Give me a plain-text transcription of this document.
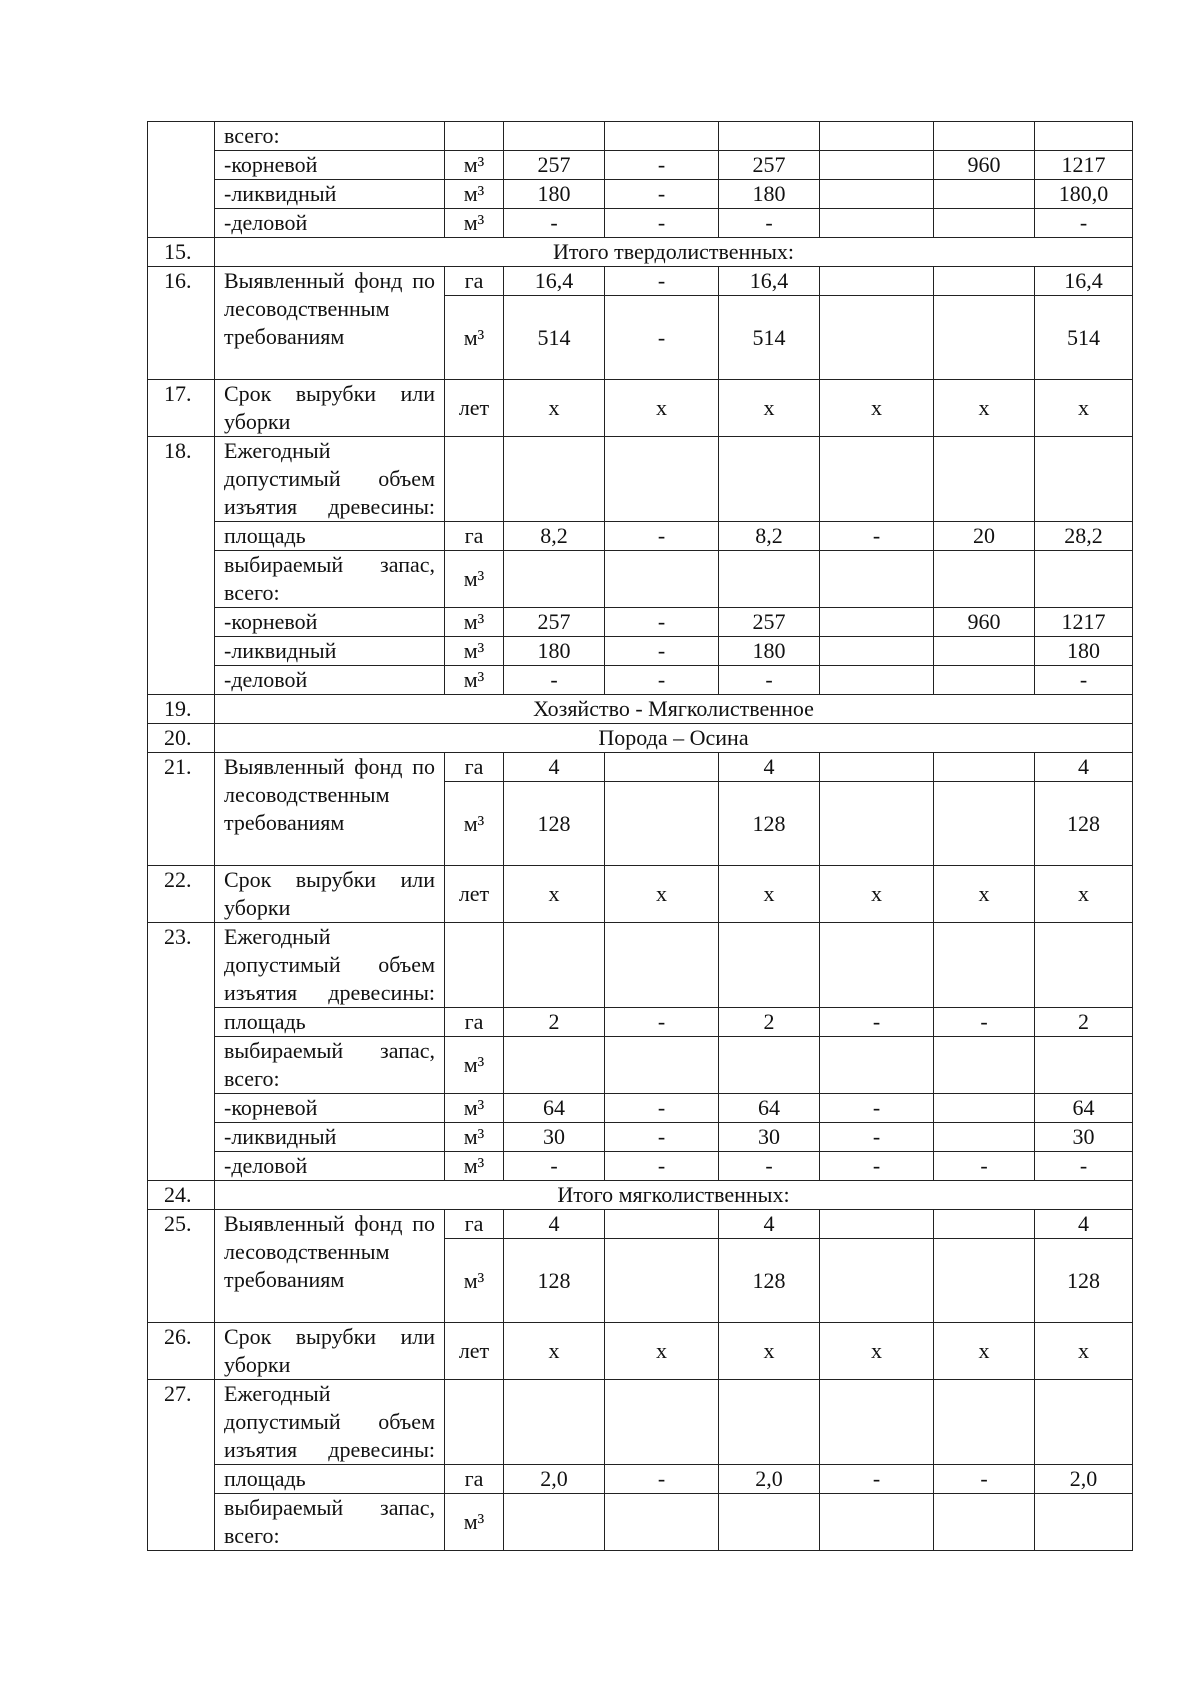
	всего:							
	-корневой	м³	257	-	257		960	1217
	-ликвидный	м³	180	-	180			180,0
	-деловой	м³	-	-	-			-
15.	Итого твердолиственных:							
16.	Выявленный фонд по лесоводственным требованиям	га	16,4	-	16,4			16,4
		м³	514	-	514			514
17.	Срок вырубки или уборки	лет	х	х	х	х	х	х
18.	Ежегодный допустимый объем изъятия древесины:							
	площадь	га	8,2	-	8,2	-	20	28,2
	выбираемый запас, всего:	м³						
	-корневой	м³	257	-	257		960	1217
	-ликвидный	м³	180	-	180			180
	-деловой	м³	-	-	-			-
19.	Хозяйство - Мягколиственное							
20.	Порода – Осина							
21.	Выявленный фонд по лесоводственным требованиям	га	4		4			4
		м³	128		128			128
22.	Срок вырубки или уборки	лет	х	х	х	х	х	х
23.	Ежегодный допустимый объем изъятия древесины:							
	площадь	га	2	-	2	-	-	2
	выбираемый запас, всего:	м³						
	-корневой	м³	64	-	64	-		64
	-ликвидный	м³	30	-	30	-		30
	-деловой	м³	-	-	-	-	-	-
24.	Итого мягколиственных:							
25.	Выявленный фонд по лесоводственным требованиям	га	4		4			4
		м³	128		128			128
26.	Срок вырубки или уборки	лет	х	х	х	х	х	х
27.	Ежегодный допустимый объем изъятия древесины:							
	площадь	га	2,0	-	2,0	-	-	2,0
	выбираемый запас, всего:	м³						
